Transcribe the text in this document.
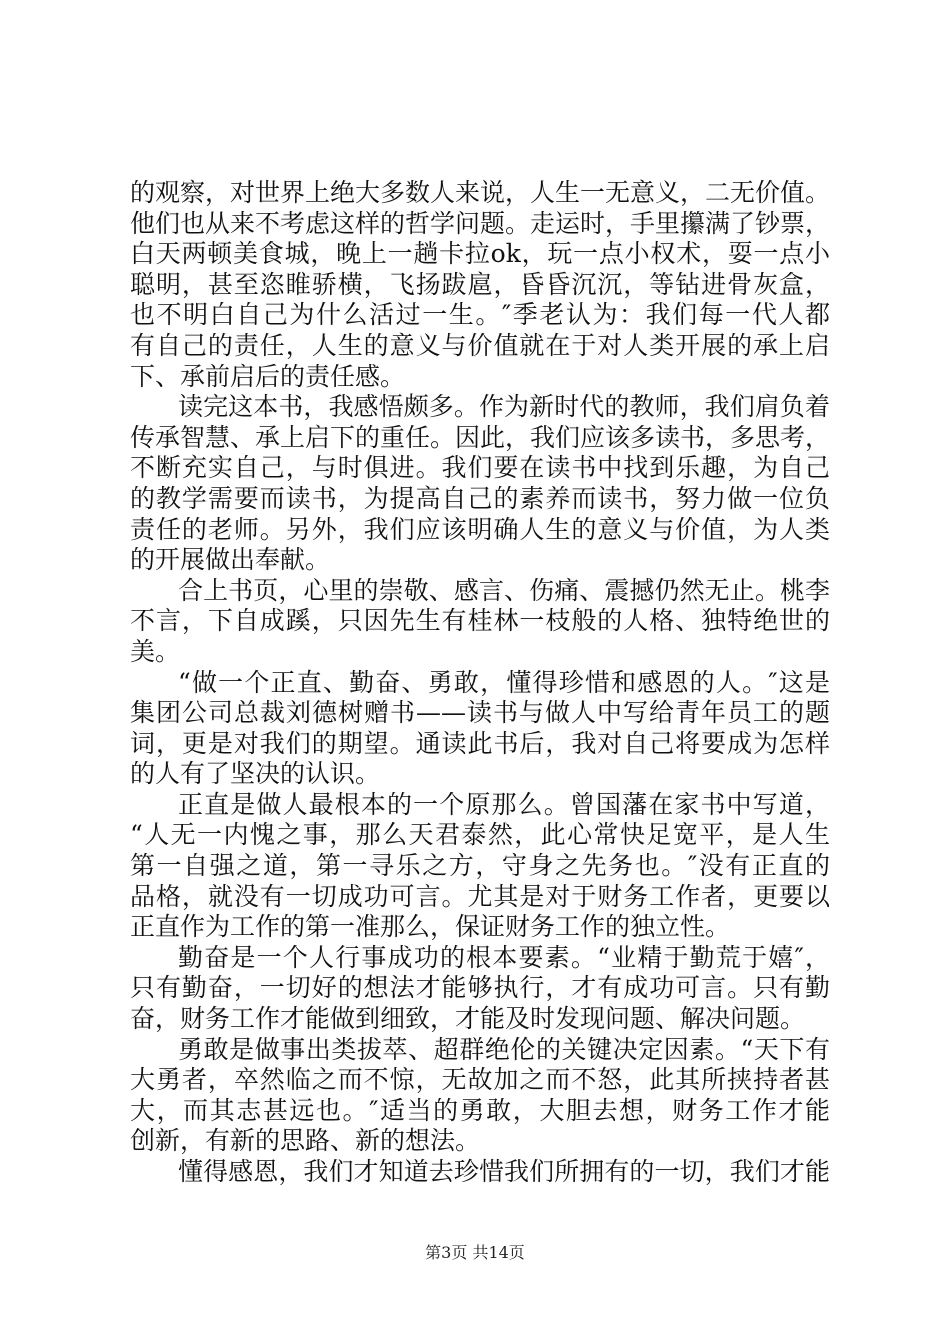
的观察，对世界上绝大多数人来说，人生一无意义，二无价值。
他们也从来不考虑这样的哲学问题。走运时，手里攥满了钞票，
白天两顿美食城，晚上一趟卡拉ok，玩一点小权术，耍一点小
聪明，甚至恣睢骄横，飞扬跋扈，昏昏沉沉，等钻进骨灰盒，
也不明白自己为什么活过一生。″季老认为：我们每一代人都
有自己的责任，人生的意义与价值就在于对人类开展的承上启
下、承前启后的责任感。
读完这本书，我感悟颇多。作为新时代的教师，我们肩负着
传承智慧、承上启下的重任。因此，我们应该多读书，多思考，
不断充实自己，与时俱进。我们要在读书中找到乐趣，为自己
的教学需要而读书，为提高自己的素养而读书，努力做一位负
责任的老师。另外，我们应该明确人生的意义与价值，为人类
的开展做出奉献。
合上书页，心里的崇敬、感言、伤痛、震撼仍然无止。桃李
不言，下自成蹊，只因先生有桂林一枝般的人格、独特绝世的
美。
“做一个正直、勤奋、勇敢，懂得珍惜和感恩的人。″这是
集团公司总裁刘德树赠书——读书与做人中写给青年员工的题
词，更是对我们的期望。通读此书后，我对自己将要成为怎样
的人有了坚决的认识。
正直是做人最根本的一个原那么。曾国藩在家书中写道，
“人无一内愧之事，那么天君泰然，此心常快足宽平，是人生
第一自强之道，第一寻乐之方，守身之先务也。″没有正直的
品格，就没有一切成功可言。尤其是对于财务工作者，更要以
正直作为工作的第一准那么，保证财务工作的独立性。
勤奋是一个人行事成功的根本要素。“业精于勤荒于嬉″，
只有勤奋，一切好的想法才能够执行，才有成功可言。只有勤
奋，财务工作才能做到细致，才能及时发现问题、解决问题。
勇敢是做事出类拔萃、超群绝伦的关键决定因素。“天下有
大勇者，卒然临之而不惊，无故加之而不怒，此其所挟持者甚
大，而其志甚远也。″适当的勇敢，大胆去想，财务工作才能
创新，有新的思路、新的想法。
懂得感恩，我们才知道去珍惜我们所拥有的一切，我们才能
第3页 共14页
